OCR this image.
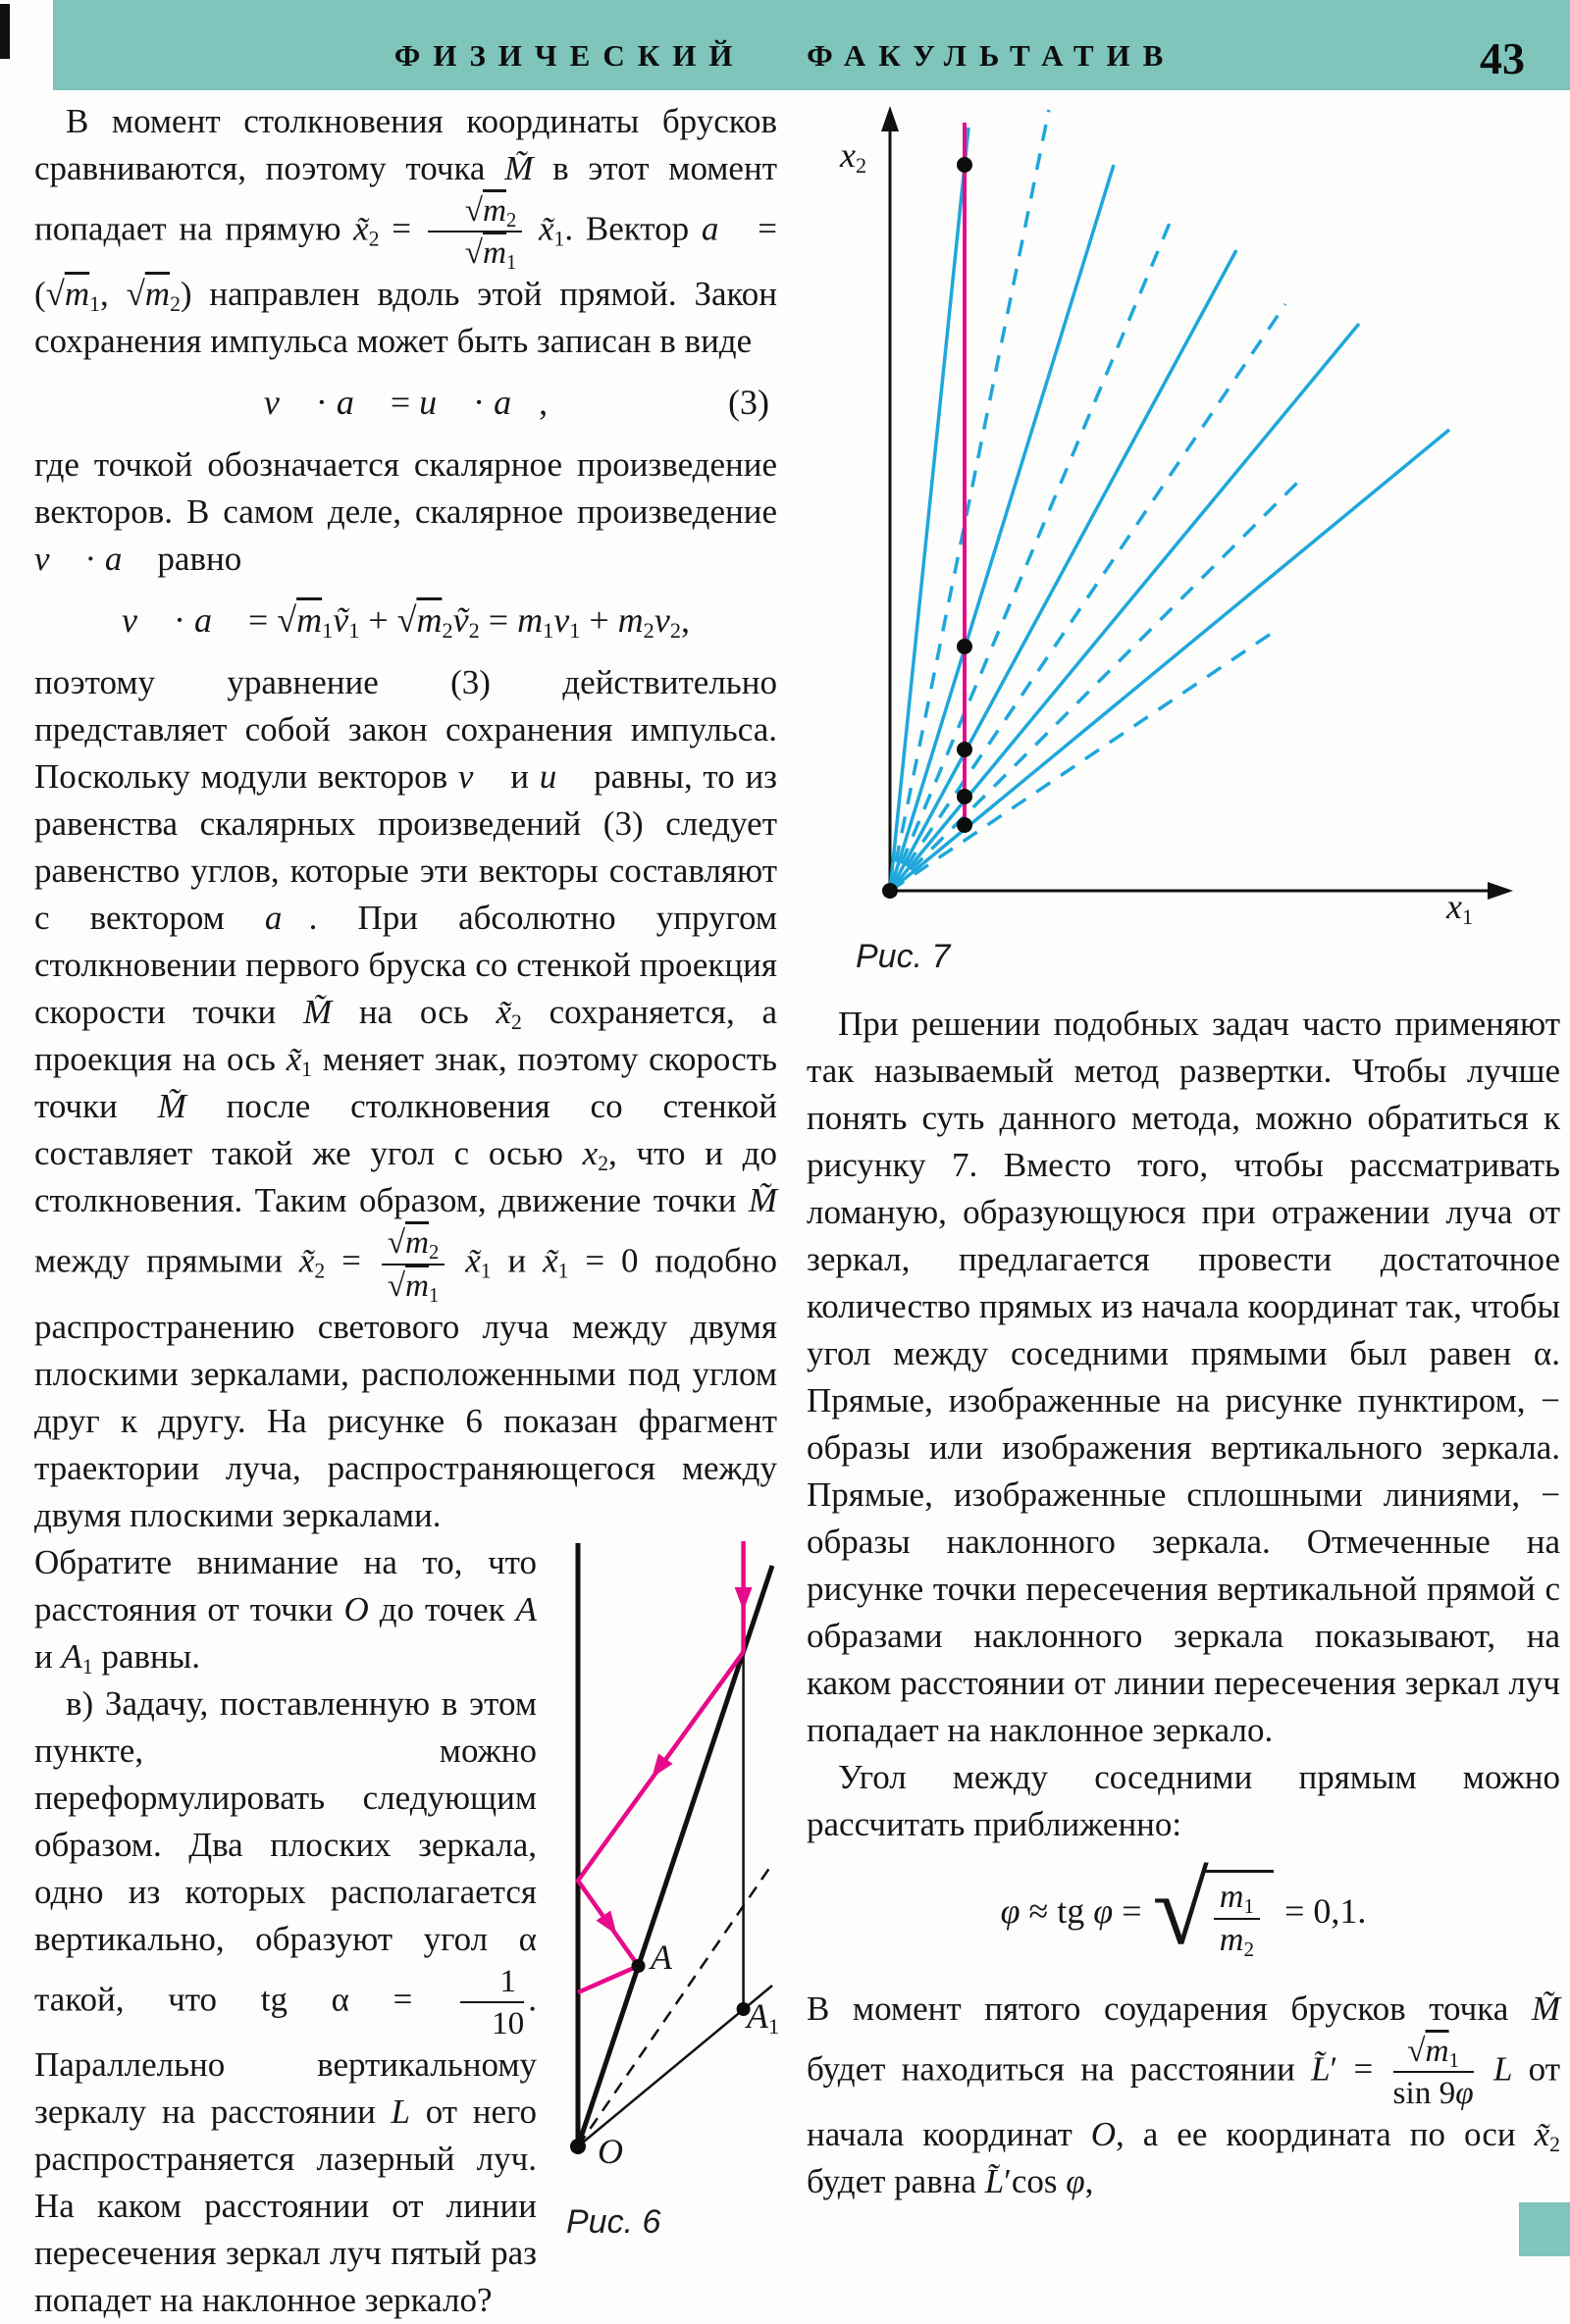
ФИЗИЧЕСКИЙ ФАКУЛЬТАТИВ	43

В момент столкновения координаты брусков сравниваются, поэтому точка M̃ в этот момент попадает на прямую $x̃_2 = \frac{√m_2}{√m_1}$ $x̃_1$. Вектор a⃗ = ($√m_1$, $√m_2$) направлен вдоль этой прямой. Закон сохранения импульса может быть записан в виде

v⃗ · a⃗ = u⃗ · a⃗,	(3)

где точкой обозначается скалярное произведение векторов. В самом деле, скалярное произведение v⃗ · a⃗ равно

v⃗ · a⃗ = $√m_1ṽ_1$ + $√m_2ṽ_2 = m_1v_1 + m_2v_2$,

поэтому уравнение (3) действительно представляет собой закон сохранения импульса. Поскольку модули векторов v⃗ и u⃗ равны, то из равенства скалярных произведений (3) следует равенство углов, которые эти векторы составляют с вектором a⃗. При абсолютно упругом столкновении первого бруска со стенкой проекция скорости точки M̃ на ось $x̃_2$ сохраняется, а проекция на ось $x̃_1$ меняет знак, поэтому скорость точки M̃ после столкновения со стенкой составляет такой же угол с осью $x_2$, что и до столкновения. Таким образом, движение точки M̃ между прямыми $x̃_2 = \frac{√m_2}{√m_1}$ $x̃_1$ и $x̃_1 = 0$ подобно распространению светового луча между двумя плоскими зеркалами, расположенными под углом друг к другу. На рисунке 6 показан фрагмент траектории луча, распространяющегося между двумя плоскими зеркалами.

Обратите внимание на то, что расстояния от точки O до точек A и $A_1$ равны.

в) Задачу, поставленную в этом пункте, можно переформулировать следующим образом. Два плоских зеркала, одно из которых располагается вертикально, образуют угол α такой, что tg $\alpha = \frac{1}{10}$ . Параллельно вертикальному зеркалу на расстоянии L от него распространяется лазерный луч. На каком расстоянии от линии пересечения зеркал луч пятый раз попадет на наклонное зеркало?

O
A
$A_1$
Рис. 6
$x_2$
$x_1$
Рис. 7

При решении подобных задач часто применяют так называемый метод развертки. Чтобы лучше понять суть данного метода, можно обратиться к рисунку 7. Вместо того, чтобы рассматривать ломаную, образующуюся при отражении луча от зеркал, предлагается провести достаточное количество прямых из начала координат так, чтобы угол между соседними прямыми был равен α. Прямые, изображенные на рисунке пунктиром, − образы или изображения вертикального зеркала. Прямые, изображенные сплошными линиями, − образы наклонного зеркала. Отмеченные на рисунке точки пересечения вертикальной прямой с образами наклонного зеркала показывают, на каком расстоянии от линии пересечения зеркал луч попадает на наклонное зеркало.

Угол между соседними прямым можно рассчитать приближенно:

φ ≈ tg φ = √ $\frac{m_1}{m_2} = 0,1$.

В момент пятого соударения брусков точка M̃ будет находиться на расстоянии L̃′ = $\frac{√m_1}{\sin 9\varphi}$ L от начала координат O, а ее координата по оси $x̃_2$ будет равна L̃′cos φ,
